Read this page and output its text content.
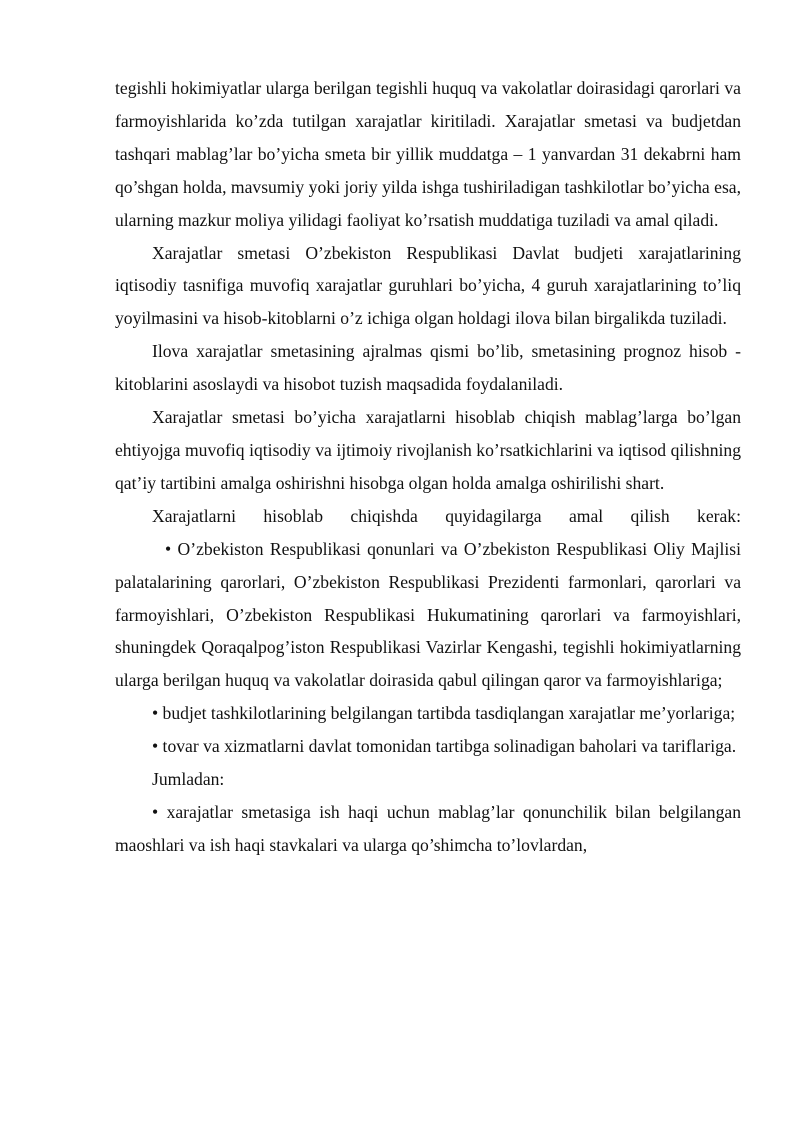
tegishli hokimiyatlar ularga berilgan tegishli huquq va vakolatlar doirasidagi qarorlari va farmoyishlarida ko’zda tutilgan xarajatlar kiritiladi. Xarajatlar smetasi va budjetdan tashqari mablag’lar bo’yicha smeta bir yillik muddatga – 1 yanvardan 31 dekabrni ham qo’shgan holda, mavsumiy yoki joriy yilda ishga tushiriladigan tashkilotlar bo’yicha esa, ularning mazkur moliya yilidagi faoliyat ko’rsatish muddatiga tuziladi va amal qiladi.

Xarajatlar smetasi O’zbekiston Respublikasi Davlat budjeti xarajatlarining iqtisodiy tasnifiga muvofiq xarajatlar guruhlari bo’yicha, 4 guruh xarajatlarining to’liq yoyilmasini va hisob-kitoblarni o’z ichiga olgan holdagi ilova bilan birgalikda tuziladi.

Ilova xarajatlar smetasining ajralmas qismi bo’lib, smetasining prognoz hisob - kitoblarini asoslaydi va hisobot tuzish maqsadida foydalaniladi.

Xarajatlar smetasi bo’yicha xarajatlarni hisoblab chiqish mablag’larga bo’lgan ehtiyojga muvofiq iqtisodiy va ijtimoiy rivojlanish ko’rsatkichlarini va iqtisod qilishning qat’iy tartibini amalga oshirishni hisobga olgan holda amalga oshirilishi shart.

Xarajatlarni hisoblab chiqishda quyidagilarga amal qilish kerak:

• O’zbekiston Respublikasi qonunlari va O’zbekiston Respublikasi Oliy Majlisi palatalarining qarorlari, O’zbekiston Respublikasi Prezidenti farmonlari, qarorlari va farmoyishlari, O’zbekiston Respublikasi Hukumatining qarorlari va farmoyishlari, shuningdek Qoraqalpog’iston Respublikasi Vazirlar Kengashi, tegishli hokimiyatlarning ularga berilgan huquq va vakolatlar doirasida qabul qilingan qaror va farmoyishlariga;

• budjet tashkilotlarining belgilangan tartibda tasdiqlangan xarajatlar me’yorlariga;

• tovar va xizmatlarni davlat tomonidan tartibga solinadigan baholari va tariflariga.

Jumladan:

• xarajatlar smetasiga ish haqi uchun mablag’lar qonunchilik bilan belgilangan maoshlari va ish haqi stavkalari va ularga qo’shimcha to’lovlardan,
